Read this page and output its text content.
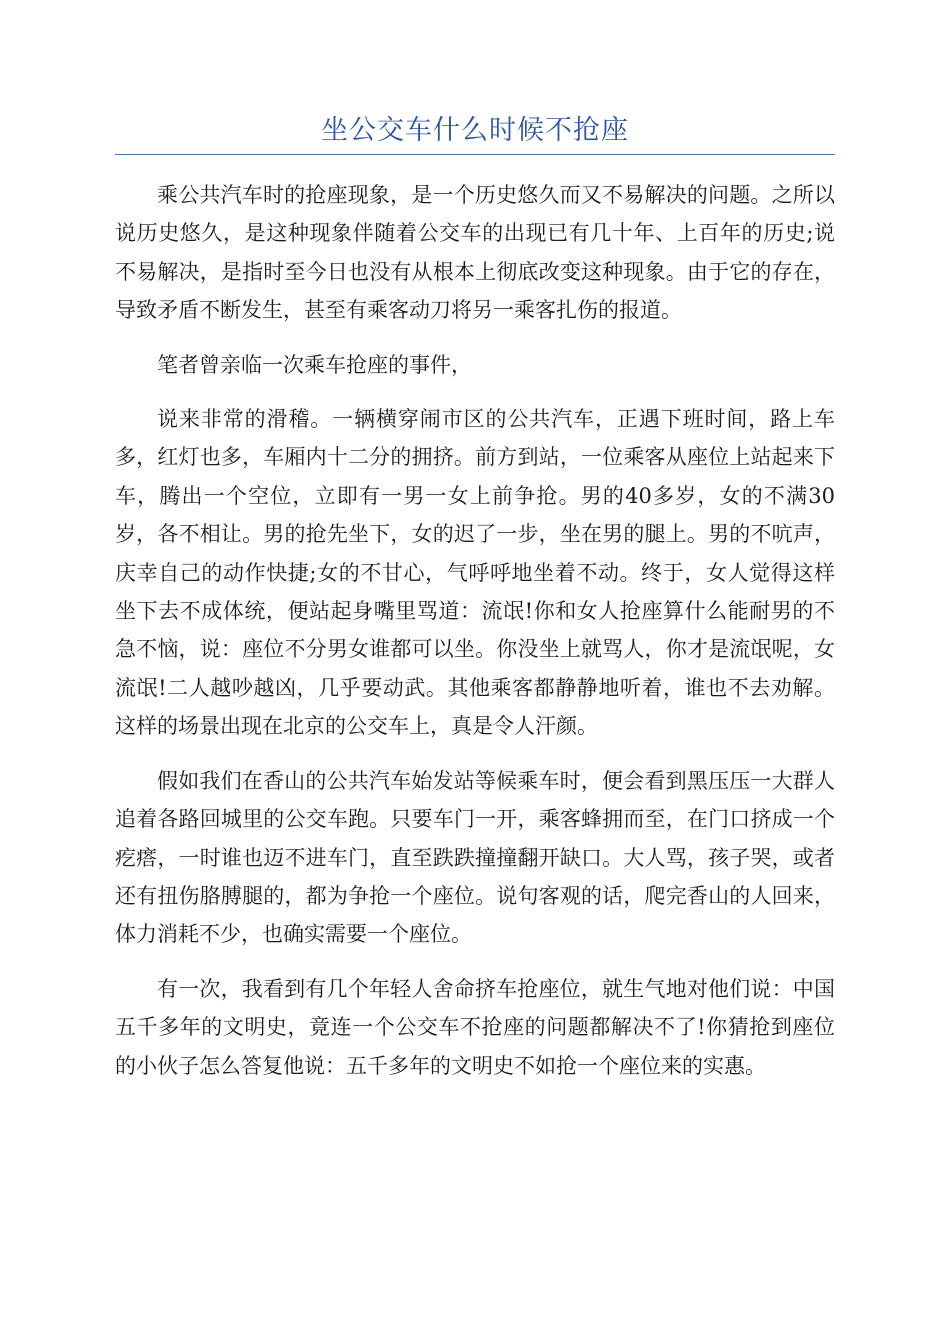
坐公交车什么时候不抢座

乘公共汽车时的抢座现象，是一个历史悠久而又不易解决的问题。之所以说历史悠久，是这种现象伴随着公交车的出现已有几十年、上百年的历史;说不易解决，是指时至今日也没有从根本上彻底改变这种现象。由于它的存在，导致矛盾不断发生，甚至有乘客动刀将另一乘客扎伤的报道。

笔者曾亲临一次乘车抢座的事件，

说来非常的滑稽。一辆横穿闹市区的公共汽车，正遇下班时间，路上车多，红灯也多，车厢内十二分的拥挤。前方到站，一位乘客从座位上站起来下车，腾出一个空位，立即有一男一女上前争抢。男的40多岁，女的不满30岁，各不相让。男的抢先坐下，女的迟了一步，坐在男的腿上。男的不吭声，庆幸自己的动作快捷;女的不甘心，气呼呼地坐着不动。终于，女人觉得这样坐下去不成体统，便站起身嘴里骂道：流氓!你和女人抢座算什么能耐男的不急不恼，说：座位不分男女谁都可以坐。你没坐上就骂人，你才是流氓呢，女流氓!二人越吵越凶，几乎要动武。其他乘客都静静地听着，谁也不去劝解。这样的场景出现在北京的公交车上，真是令人汗颜。

假如我们在香山的公共汽车始发站等候乘车时，便会看到黑压压一大群人追着各路回城里的公交车跑。只要车门一开，乘客蜂拥而至，在门口挤成一个疙瘩，一时谁也迈不进车门，直至跌跌撞撞翻开缺口。大人骂，孩子哭，或者还有扭伤胳膊腿的，都为争抢一个座位。说句客观的话，爬完香山的人回来，体力消耗不少，也确实需要一个座位。

有一次，我看到有几个年轻人舍命挤车抢座位，就生气地对他们说：中国五千多年的文明史，竟连一个公交车不抢座的问题都解决不了!你猜抢到座位的小伙子怎么答复他说：五千多年的文明史不如抢一个座位来的实惠。
